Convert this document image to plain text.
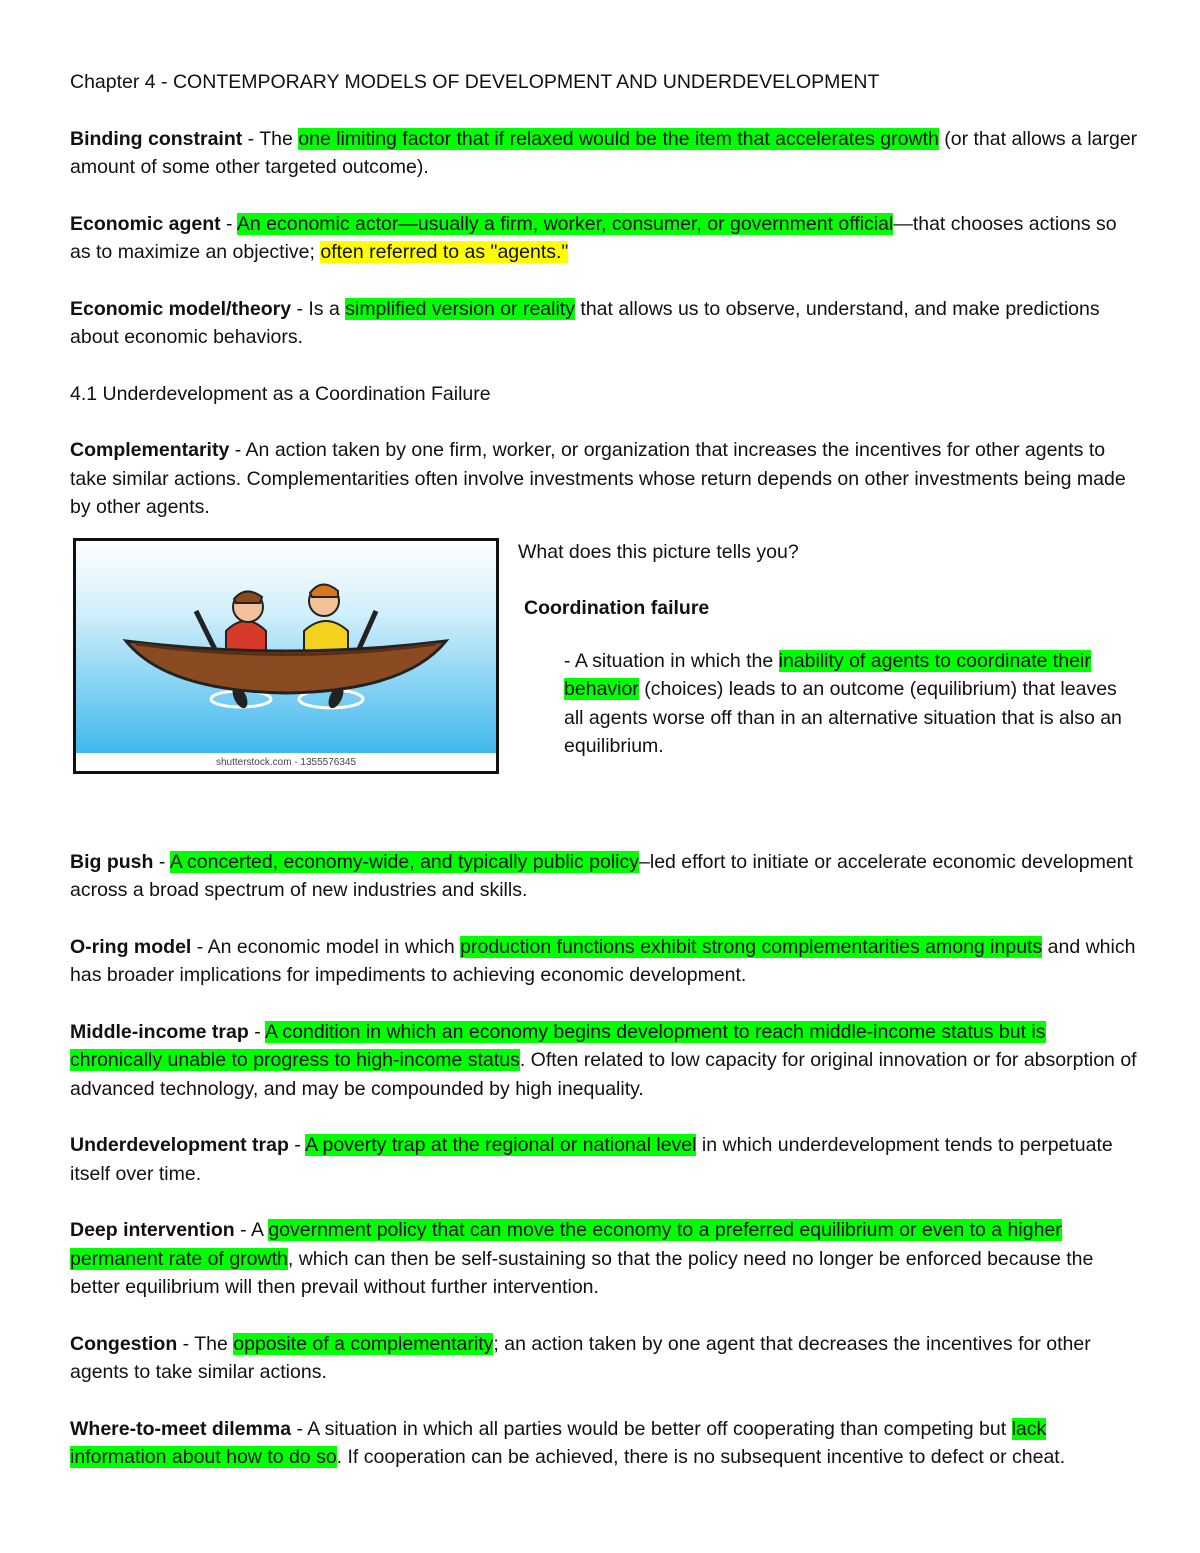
Chapter 4 - CONTEMPORARY MODELS OF DEVELOPMENT AND UNDERDEVELOPMENT

Binding constraint - The one limiting factor that if relaxed would be the item that accelerates growth (or that allows a larger amount of some other targeted outcome).

Economic agent - An economic actor—usually a firm, worker, consumer, or government official—that chooses actions so as to maximize an objective; often referred to as "agents."

Economic model/theory - Is a simplified version or reality that allows us to observe, understand, and make predictions about economic behaviors.

4.1 Underdevelopment as a Coordination Failure

Complementarity - An action taken by one firm, worker, or organization that increases the incentives for other agents to take similar actions. Complementarities often involve investments whose return depends on other investments being made by other agents.

shutterstock.com - 1355576345
What does this picture tells you?
Coordination failure
- A situation in which the inability of agents to coordinate their behavior (choices) leads to an outcome (equilibrium) that leaves all agents worse off than in an alternative situation that is also an equilibrium.

Big push - A concerted, economy-wide, and typically public policy–led effort to initiate or accelerate economic development across a broad spectrum of new industries and skills.

O-ring model - An economic model in which production functions exhibit strong complementarities among inputs and which has broader implications for impediments to achieving economic development.

Middle-income trap - A condition in which an economy begins development to reach middle-income status but is chronically unable to progress to high-income status. Often related to low capacity for original innovation or for absorption of advanced technology, and may be compounded by high inequality.

Underdevelopment trap - A poverty trap at the regional or national level in which underdevelopment tends to perpetuate itself over time.

Deep intervention - A government policy that can move the economy to a preferred equilibrium or even to a higher permanent rate of growth, which can then be self-sustaining so that the policy need no longer be enforced because the better equilibrium will then prevail without further intervention.

Congestion - The opposite of a complementarity; an action taken by one agent that decreases the incentives for other agents to take similar actions.

Where-to-meet dilemma - A situation in which all parties would be better off cooperating than competing but lack information about how to do so. If cooperation can be achieved, there is no subsequent incentive to defect or cheat.
